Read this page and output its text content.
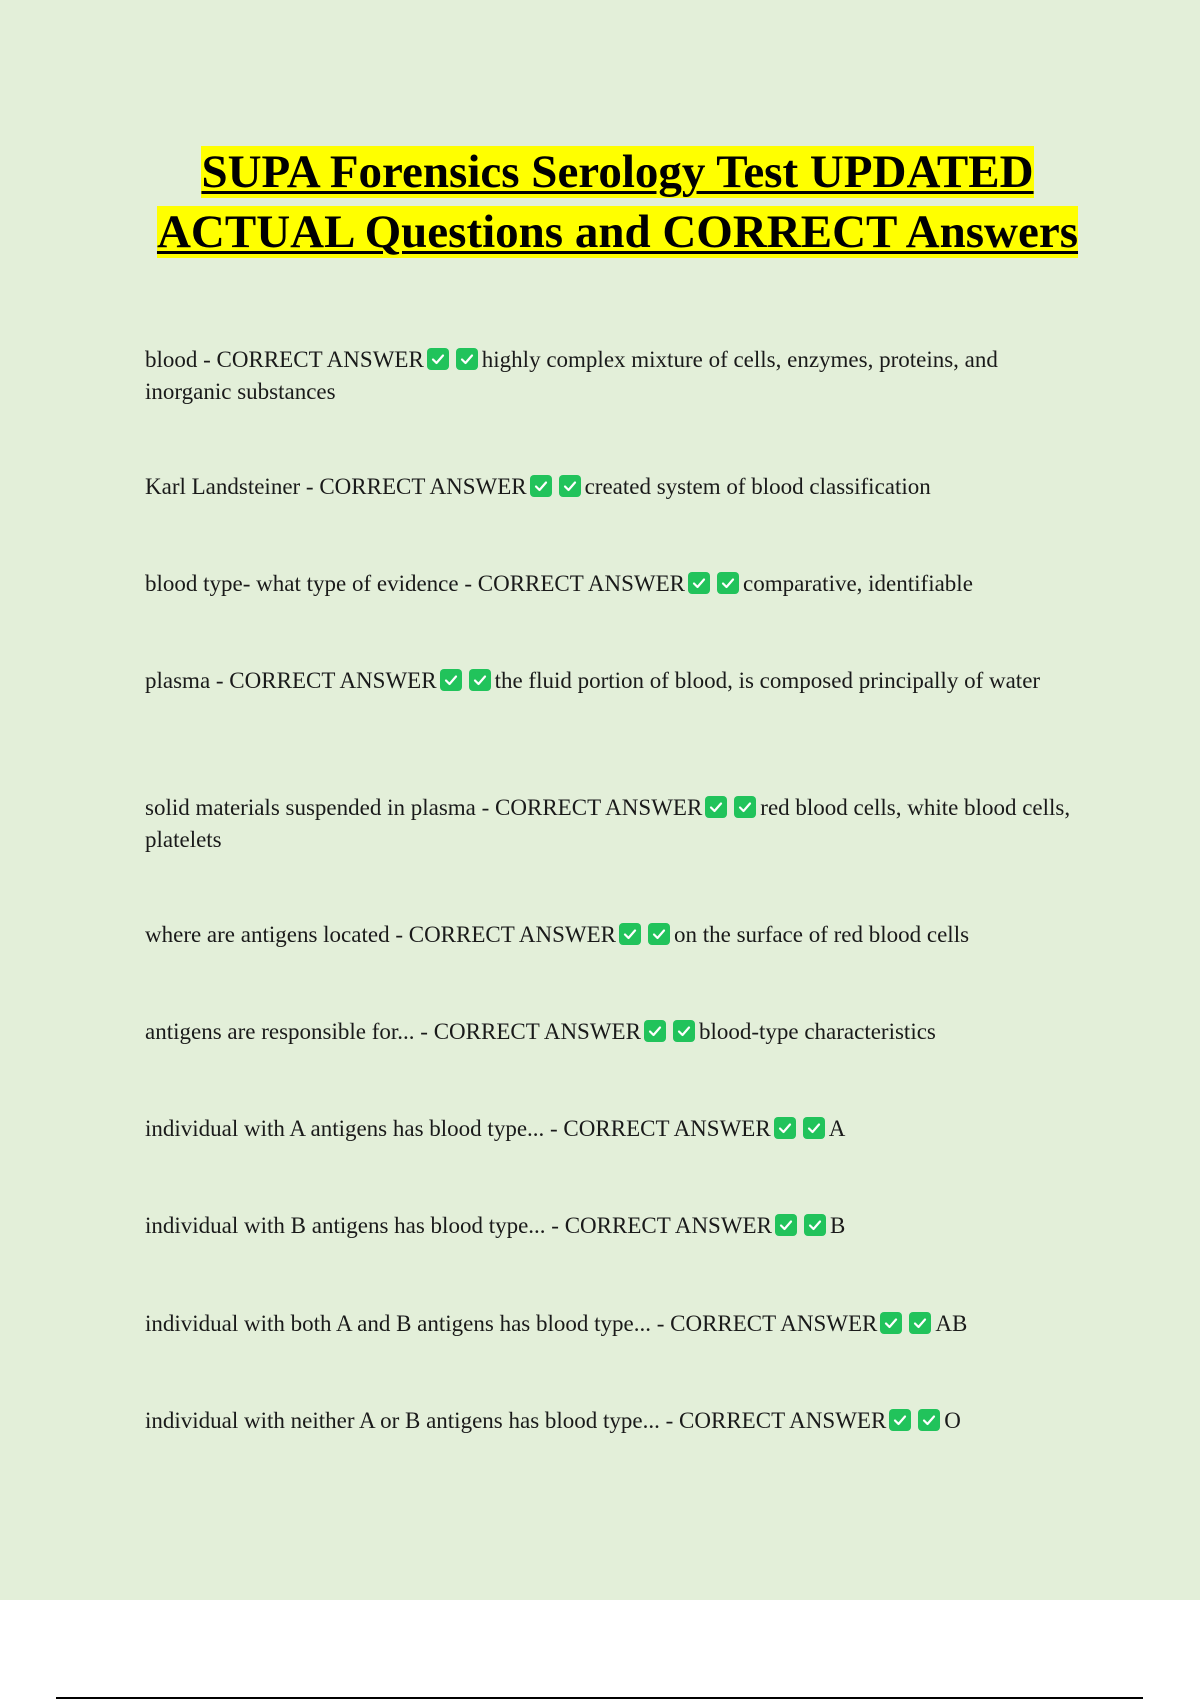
SUPA Forensics Serology Test UPDATED ACTUAL Questions and CORRECT Answers

blood - CORRECT ANSWER	highly complex mixture of cells, enzymes, proteins, and inorganic substances

Karl Landsteiner - CORRECT ANSWER	created system of blood classification

blood type- what type of evidence - CORRECT ANSWER	comparative, identifiable

plasma - CORRECT ANSWER	the fluid portion of blood, is composed principally of water

solid materials suspended in plasma - CORRECT ANSWER	red blood cells, white blood cells, platelets

where are antigens located - CORRECT ANSWER	on the surface of red blood cells

antigens are responsible for... - CORRECT ANSWER	blood-type characteristics

individual with A antigens has blood type... - CORRECT ANSWER	A

individual with B antigens has blood type... - CORRECT ANSWER	B

individual with both A and B antigens has blood type... - CORRECT ANSWER	AB

individual with neither A or B antigens has blood type... - CORRECT ANSWER	O
